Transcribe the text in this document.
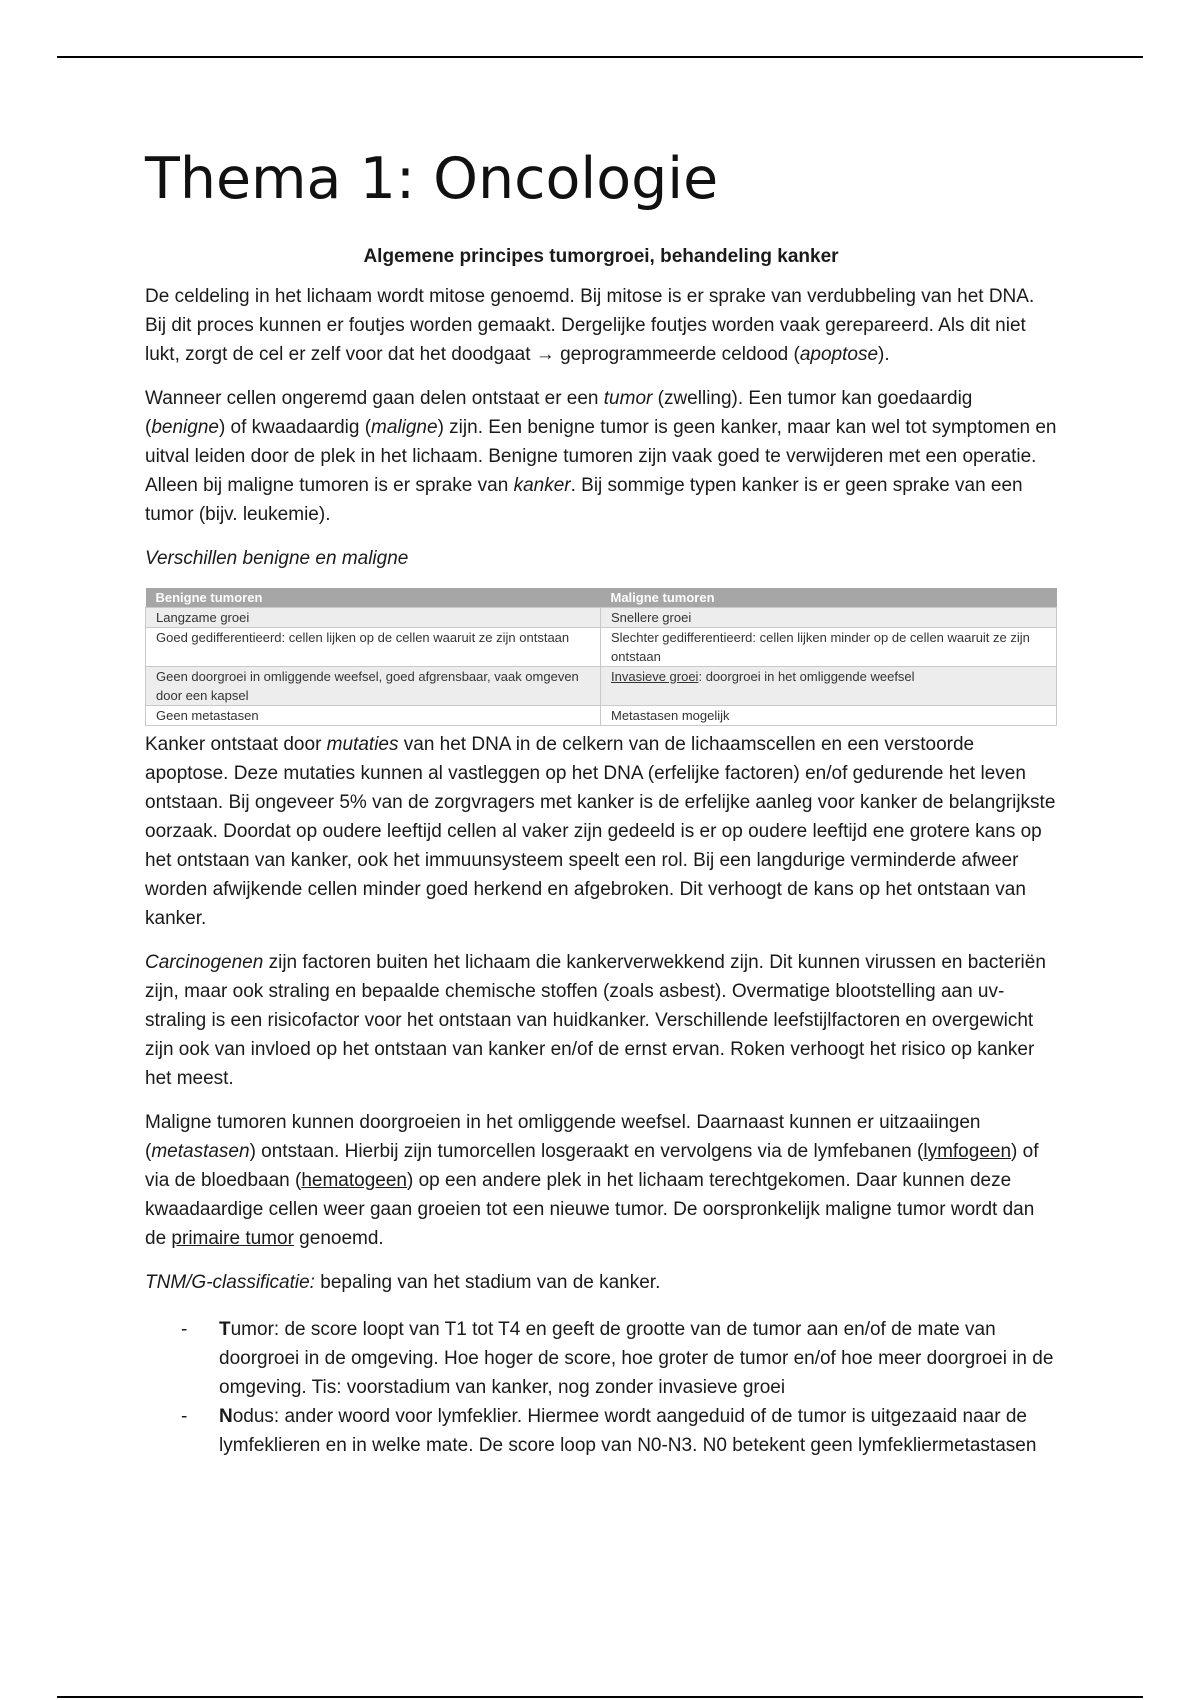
Thema 1: Oncologie
Algemene principes tumorgroei, behandeling kanker

De celdeling in het lichaam wordt mitose genoemd. Bij mitose is er sprake van verdubbeling van het DNA. Bij dit proces kunnen er foutjes worden gemaakt. Dergelijke foutjes worden vaak gerepareerd. Als dit niet lukt, zorgt de cel er zelf voor dat het doodgaat → geprogrammeerde celdood (apoptose).

Wanneer cellen ongeremd gaan delen ontstaat er een tumor (zwelling). Een tumor kan goedaardig (benigne) of kwaadaardig (maligne) zijn. Een benigne tumor is geen kanker, maar kan wel tot symptomen en uitval leiden door de plek in het lichaam. Benigne tumoren zijn vaak goed te verwijderen met een operatie. Alleen bij maligne tumoren is er sprake van kanker. Bij sommige typen kanker is er geen sprake van een tumor (bijv. leukemie).

Verschillen benigne en maligne

Benigne tumoren	Maligne tumoren
Langzame groei	Snellere groei
Goed gedifferentieerd: cellen lijken op de cellen waaruit ze zijn ontstaan	Slechter gedifferentieerd: cellen lijken minder op de cellen waaruit ze zijn ontstaan
Geen doorgroei in omliggende weefsel, goed afgrensbaar, vaak omgeven door een kapsel	Invasieve groei: doorgroei in het omliggende weefsel
Geen metastasen	Metastasen mogelijk

Kanker ontstaat door mutaties van het DNA in de celkern van de lichaamscellen en een verstoorde apoptose. Deze mutaties kunnen al vastleggen op het DNA (erfelijke factoren) en/of gedurende het leven ontstaan. Bij ongeveer 5% van de zorgvragers met kanker is de erfelijke aanleg voor kanker de belangrijkste oorzaak. Doordat op oudere leeftijd cellen al vaker zijn gedeeld is er op oudere leeftijd ene grotere kans op het ontstaan van kanker, ook het immuunsysteem speelt een rol. Bij een langdurige verminderde afweer worden afwijkende cellen minder goed herkend en afgebroken. Dit verhoogt de kans op het ontstaan van kanker.

Carcinogenen zijn factoren buiten het lichaam die kankerverwekkend zijn. Dit kunnen virussen en bacteriën zijn, maar ook straling en bepaalde chemische stoffen (zoals asbest). Overmatige blootstelling aan uv-straling is een risicofactor voor het ontstaan van huidkanker. Verschillende leefstijlfactoren en overgewicht zijn ook van invloed op het ontstaan van kanker en/of de ernst ervan. Roken verhoogt het risico op kanker het meest.

Maligne tumoren kunnen doorgroeien in het omliggende weefsel. Daarnaast kunnen er uitzaaiingen (metastasen) ontstaan. Hierbij zijn tumorcellen losgeraakt en vervolgens via de lymfebanen (lymfogeen) of via de bloedbaan (hematogeen) op een andere plek in het lichaam terechtgekomen. Daar kunnen deze kwaadaardige cellen weer gaan groeien tot een nieuwe tumor. De oorspronkelijk maligne tumor wordt dan de primaire tumor genoemd.

TNM/G-classificatie: bepaling van het stadium van de kanker.

- Tumor: de score loopt van T1 tot T4 en geeft de grootte van de tumor aan en/of de mate van doorgroei in de omgeving. Hoe hoger de score, hoe groter de tumor en/of hoe meer doorgroei in de omgeving. Tis: voorstadium van kanker, nog zonder invasieve groei
- Nodus: ander woord voor lymfeklier. Hiermee wordt aangeduid of de tumor is uitgezaaid naar de lymfeklieren en in welke mate. De score loop van N0-N3. N0 betekent geen lymfekliermetastasen
